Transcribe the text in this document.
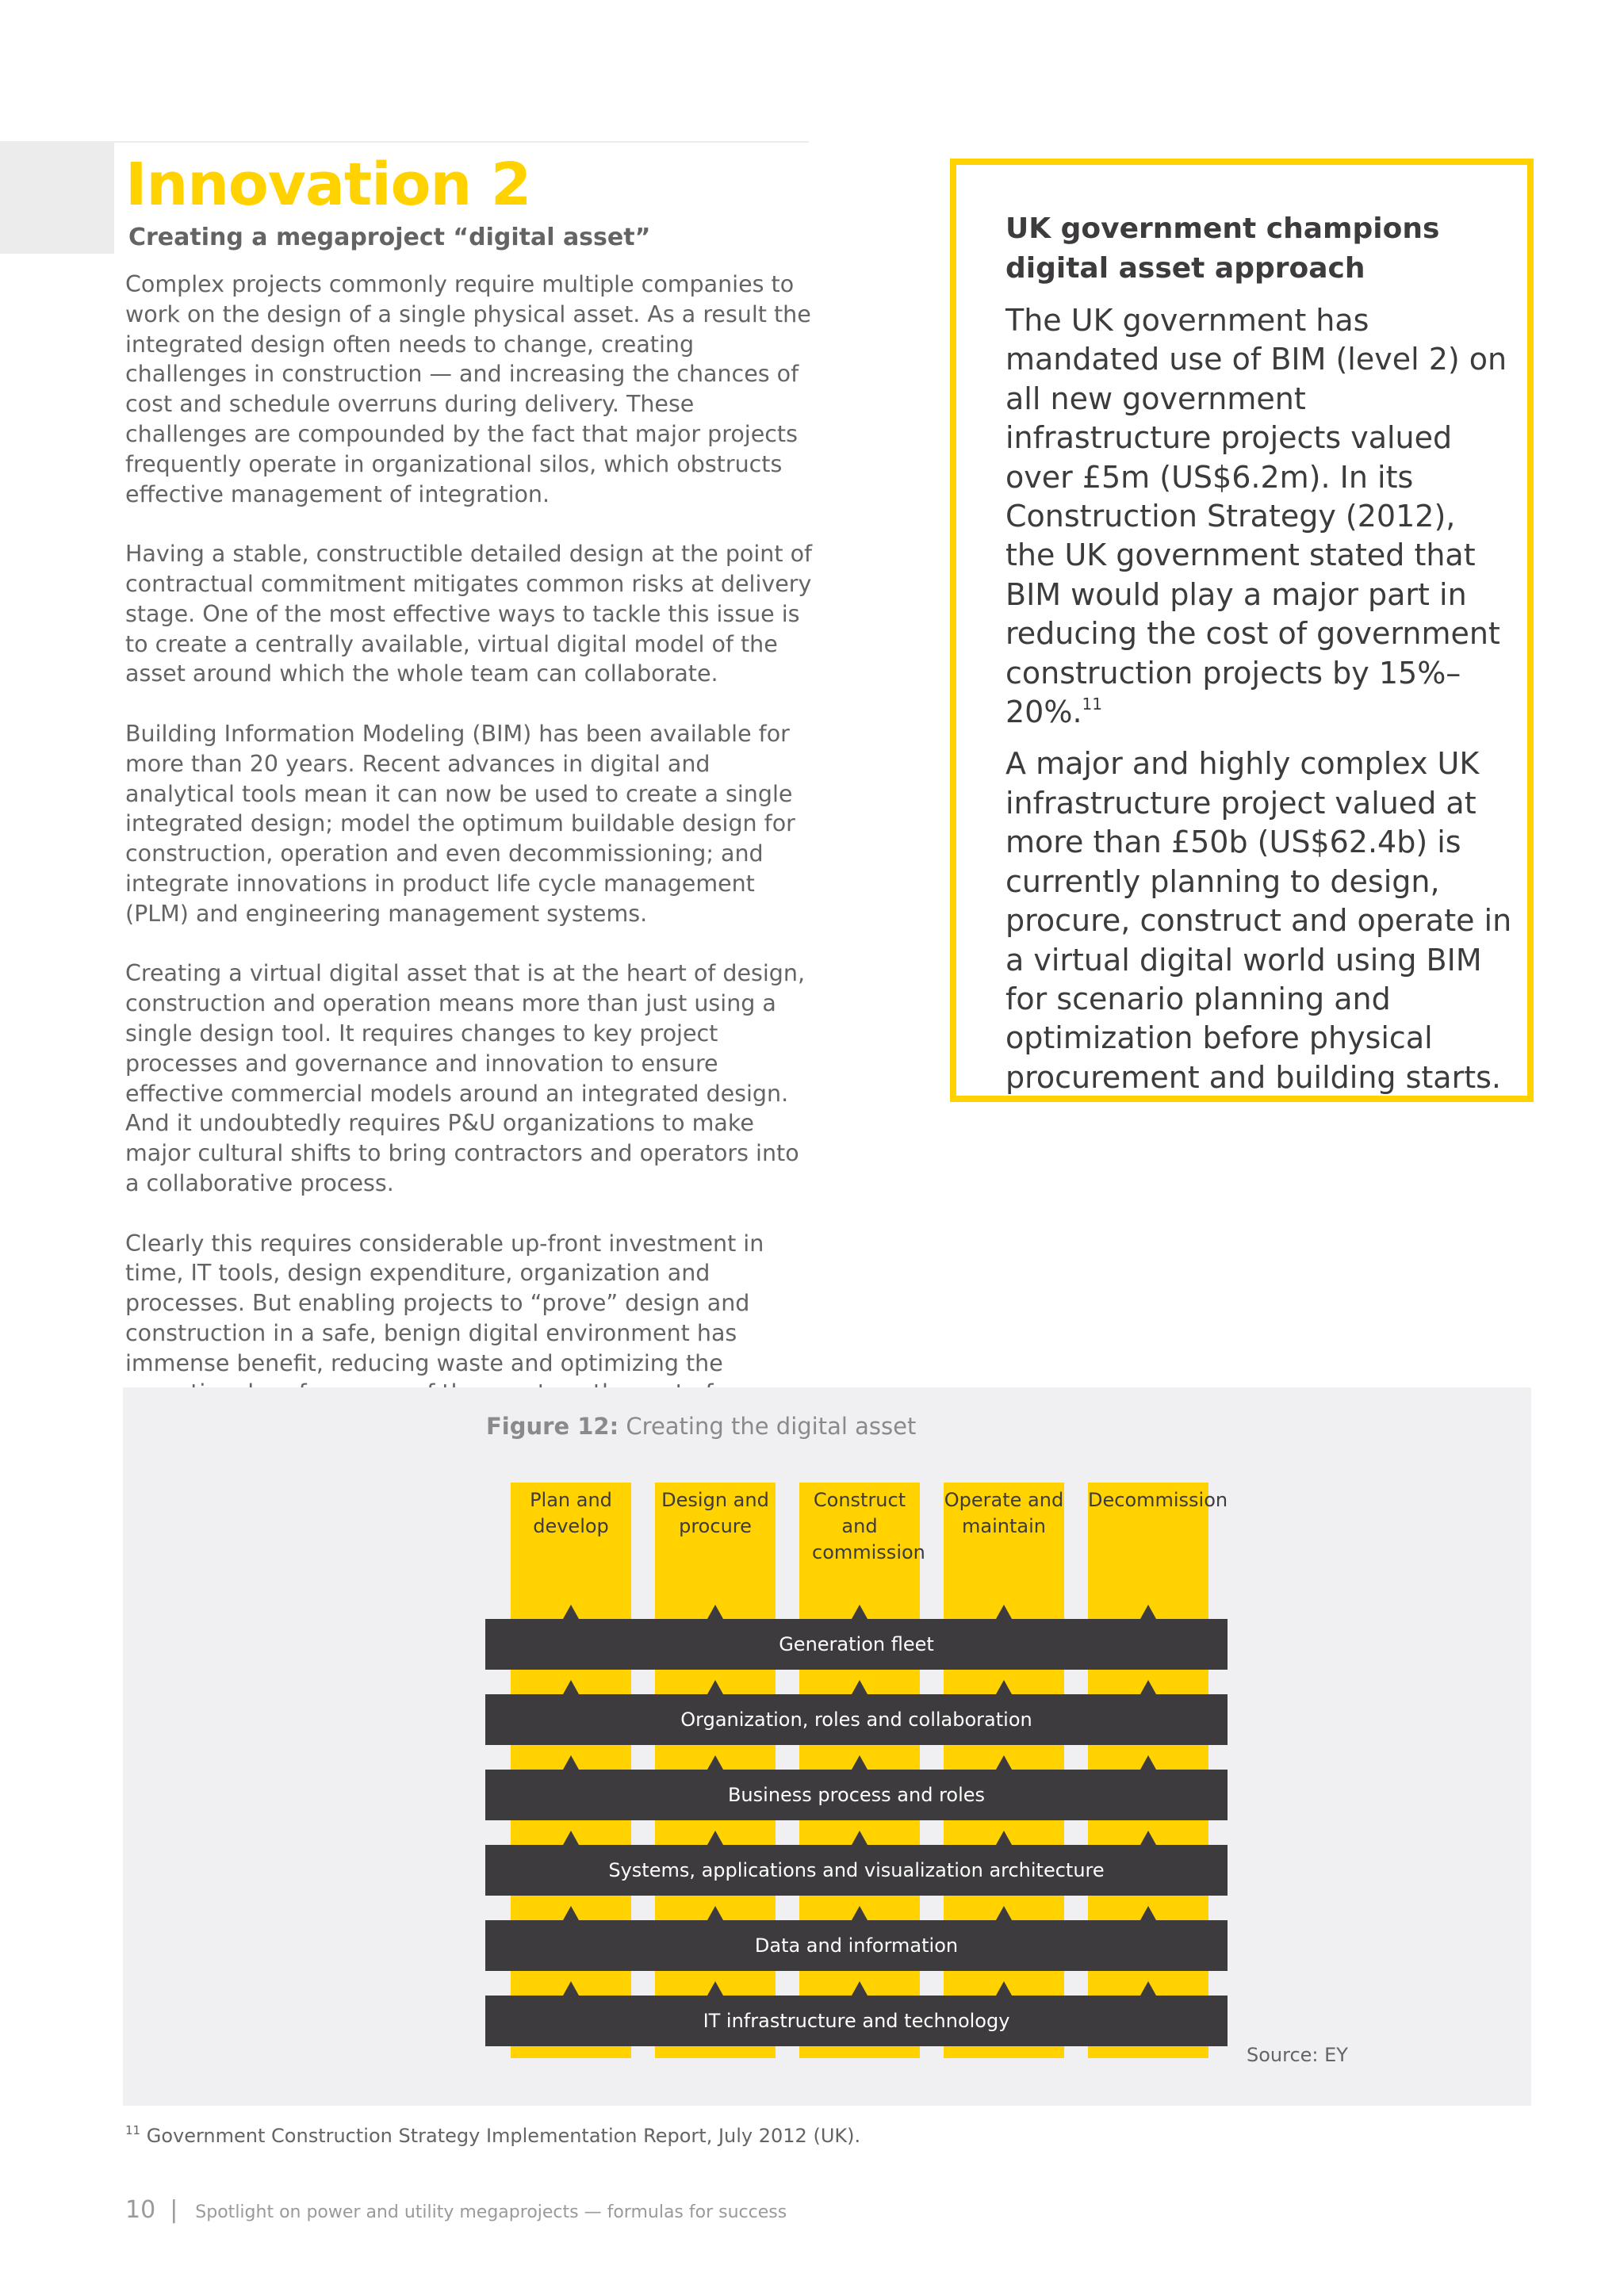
Innovation 2
Creating a megaproject “digital asset”

Complex projects commonly require multiple companies to work on the design of a single physical asset. As a result the integrated design often needs to change, creating challenges in construction — and increasing the chances of cost and schedule overruns during delivery. These challenges are compounded by the fact that major projects frequently operate in organizational silos, which obstructs effective management of integration.

Having a stable, constructible detailed design at the point of contractual commitment mitigates common risks at delivery stage. One of the most effective ways to tackle this issue is to create a centrally available, virtual digital model of the asset around which the whole team can collaborate.

Building Information Modeling (BIM) has been available for more than 20 years. Recent advances in digital and analytical tools mean it can now be used to create a single integrated design; model the optimum buildable design for construction, operation and even decommissioning; and integrate innovations in product life cycle management (PLM) and engineering management systems.

Creating a virtual digital asset that is at the heart of design, construction and operation means more than just using a single design tool. It requires changes to key project processes and governance and innovation to ensure effective commercial models around an integrated design. And it undoubtedly requires P&U organizations to make major cultural shifts to bring contractors and operators into a collaborative process.

Clearly this requires considerable up-front investment in time, IT tools, design expenditure, organization and processes. But enabling projects to “prove” design and construction in a safe, benign digital environment has immense benefit, reducing waste and optimizing the

UK government champions digital asset approach

The UK government has mandated use of BIM (level 2) on all new government infrastructure projects valued over £5m (US$6.2m). In its Construction Strategy (2012), the UK government stated that BIM would play a major part in reducing the cost of government construction projects by 15%–20%.$^{11}$

A major and highly complex UK infrastructure project valued at more than £50b (US$62.4b) is currently planning to design, procure, construct and operate in a virtual digital world using BIM for scenario planning and optimization before physical procurement and building starts.

Figure 12: Creating the digital asset

Plan and develop
Design and procure
Construct and commission
Operate and maintain
Decommission
Generation fleet
Organization, roles and collaboration
Business process and roles
Systems, applications and visualization architecture
Data and information
IT infrastructure and technology

Source: EY

$^{11}$ Government Construction Strategy Implementation Report, July 2012 (UK).

10 | Spotlight on power and utility megaprojects — formulas for success
